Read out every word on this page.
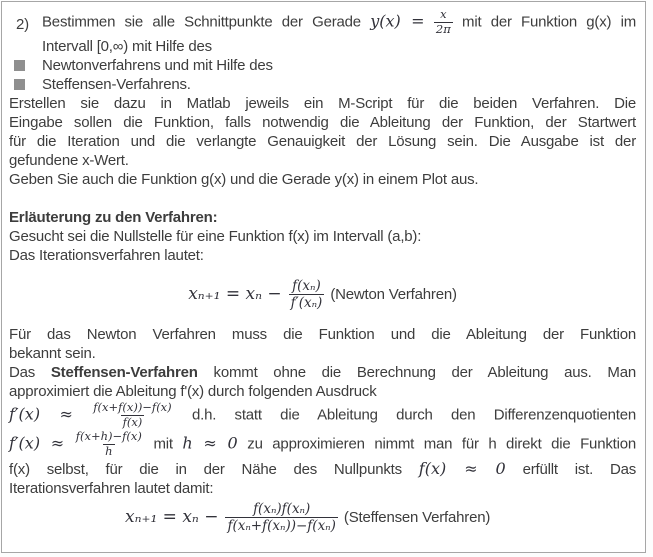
2) Bestimmen sie alle Schnittpunkte der Gerade $y(x) = \frac{x}{2\pi}$ mit der Funktion g(x) im
Intervall [0,∞) mit Hilfe des
Newtonverfahrens und mit Hilfe des
Steffensen-Verfahrens.
Erstellen sie dazu in Matlab jeweils ein M-Script für die beiden Verfahren. Die
Eingabe sollen die Funktion, falls notwendig die Ableitung der Funktion, der Startwert
für die Iteration und die verlangte Genauigkeit der Lösung sein. Die Ausgabe ist der
gefundene x-Wert.
Geben Sie auch die Funktion g(x) und die Gerade y(x) in einem Plot aus.
Erläuterung zu den Verfahren:
Gesucht sei die Nullstelle für eine Funktion f(x) im Intervall (a,b):
Das Iterationsverfahren lautet:
$x_{n+1} = x_n - \frac{\text{f(xₙ)}}{\text{f′(xₙ)}}$ (Newton Verfahren)
Für das Newton Verfahren muss die Funktion und die Ableitung der Funktion
bekannt sein.
Das Steffensen-Verfahren kommt ohne die Berechnung der Ableitung aus. Man
approximiert die Ableitung f'(x) durch folgenden Ausdruck
$f'(x) \approx \frac{f(x+f(x))-f(x)}{f(x)} d.h$. statt die Ableitung durch den Differenzenquotienten
$f'(x) \approx \frac{f(x+h)-f(x)}{h}$ mit h ≈ 0 zu approximieren nimmt man für h direkt die Funktion
f(x) selbst, für die in der Nähe des Nullpunkts f(x) ≈ 0 erfüllt ist. Das
Iterationsverfahren lautet damit:
$x_{n+1} = x_n - \frac{\text{f(xₙ)f(xₙ)}}{\text{f(xₙ+f(xₙ))−f(xₙ)}}$ (Steffensen Verfahren)
